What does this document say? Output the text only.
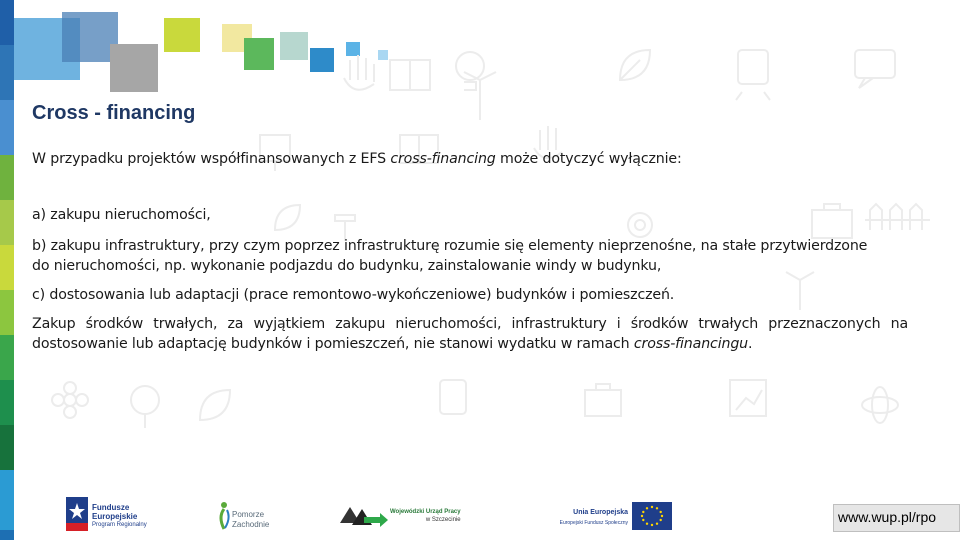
Cross - financing
W przypadku projektów współfinansowanych z EFS cross-financing może dotyczyć wyłącznie:
a) zakupu nieruchomości,
b) zakupu infrastruktury, przy czym poprzez infrastrukturę rozumie się elementy nieprzenośne, na stałe przytwierdzone
do nieruchomości, np. wykonanie podjazdu do budynku, zainstalowanie windy w budynku,
c) dostosowania lub adaptacji (prace remontowo-wykończeniowe) budynków i pomieszczeń.
Zakup środków trwałych, za wyjątkiem zakupu nieruchomości, infrastruktury i środków trwałych przeznaczonych na dostosowanie lub adaptację budynków i pomieszczeń, nie stanowi wydatku w ramach cross-financingu.
Fundusze
Europejskie
Program Regionalny
Pomorze
Zachodnie
Wojewódzki Urząd Pracy
w Szczecinie
Unia Europejska
Europejski Fundusz Społeczny	www.wup.pl/rpo
